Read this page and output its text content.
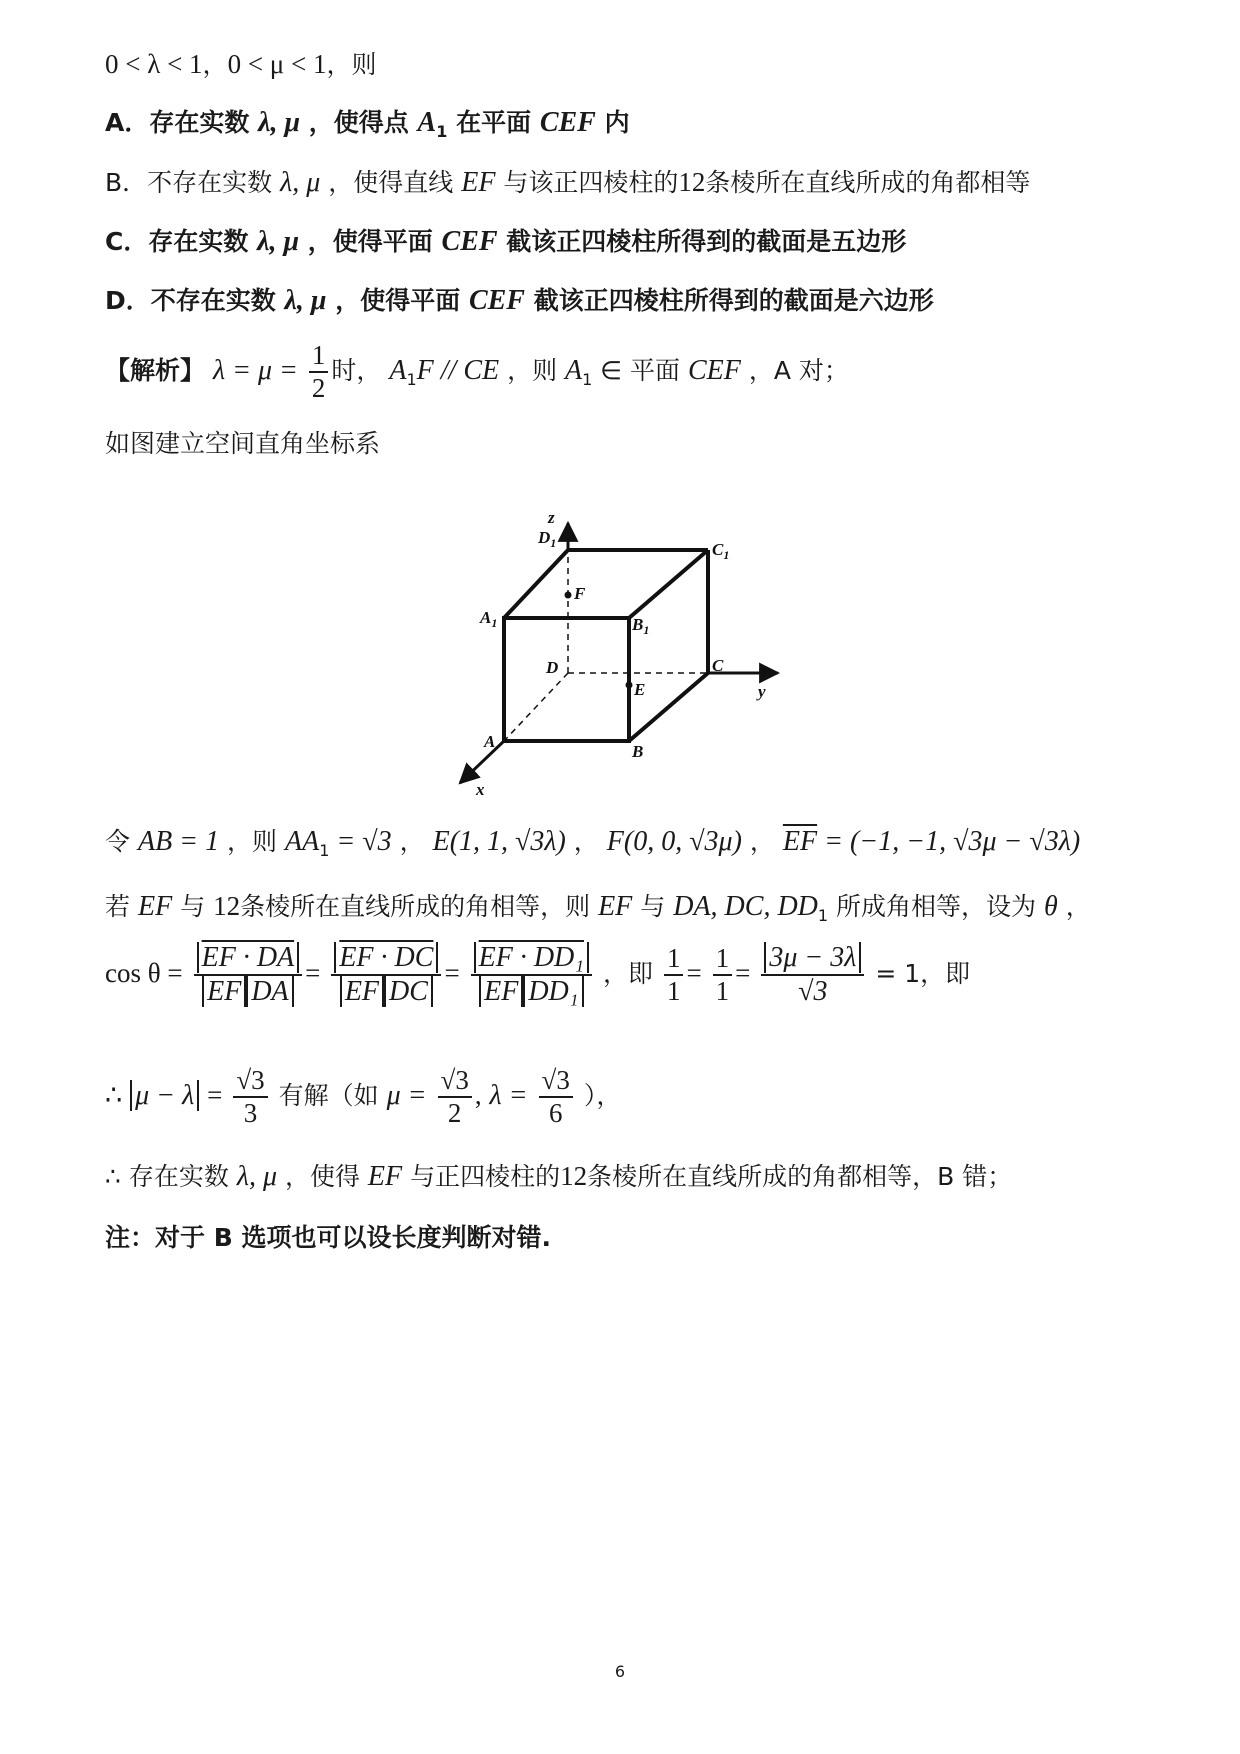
0 < λ < 1，0 < μ < 1，则
A．存在实数 λ, μ ，使得点 $A_1$ 在平面 CEF 内
B．不存在实数 λ, μ ，使得直线 EF 与该正四棱柱的12条棱所在直线所成的角都相等
C．存在实数 λ, μ ，使得平面 CEF 截该正四棱柱所得到的截面是五边形
D．不存在实数 λ, μ ，使得平面 CEF 截该正四棱柱所得到的截面是六边形
【解析】 $\lambda = \mu = \frac{1}{2}$ 时， $A_1F$ // CE ，则 $A_1$ ∈ 平面 CEF ，A 对；
如图建立空间直角坐标系
z
y
x
$D_1$	$C_1$
F
$A_1$	$B_1$
D	C
E
A
B
令 AB = 1 ，则 $AA_1 = √3$ ， E(1, 1, √3λ) ， F(0, 0, √3μ) ， $\overline{EF} = (-1$, −1, √3μ − √3λ)
若 EF 与 12条棱所在直线所成的角相等，则 EF 与 DA, DC, $DD_1$ 所成角相等，设为 θ ，
$\cos \theta = \frac{EF \cdot DA}{\overline{EF} \overline{DA}} = \frac{EF \cdot DC}{\overline{EF} \overline{DC}} = \frac{\text{EF · DD₁}}{\overline{EF} DD_1}$ ，即 $\frac{1}{1} = \frac{1}{1} = \frac{3\mu - 3\lambda}{√3} = 1$，即
∴ $\mu - \lambda = \frac{√3}{3}$ 有解（如 $\mu = \frac{√3}{2}$ , $\lambda = \frac{√3}{6}$ ），
∴ 存在实数 λ, μ ，使得 EF 与正四棱柱的12条棱所在直线所成的角都相等，B 错；
注：对于 B 选项也可以设长度判断对错.
6
